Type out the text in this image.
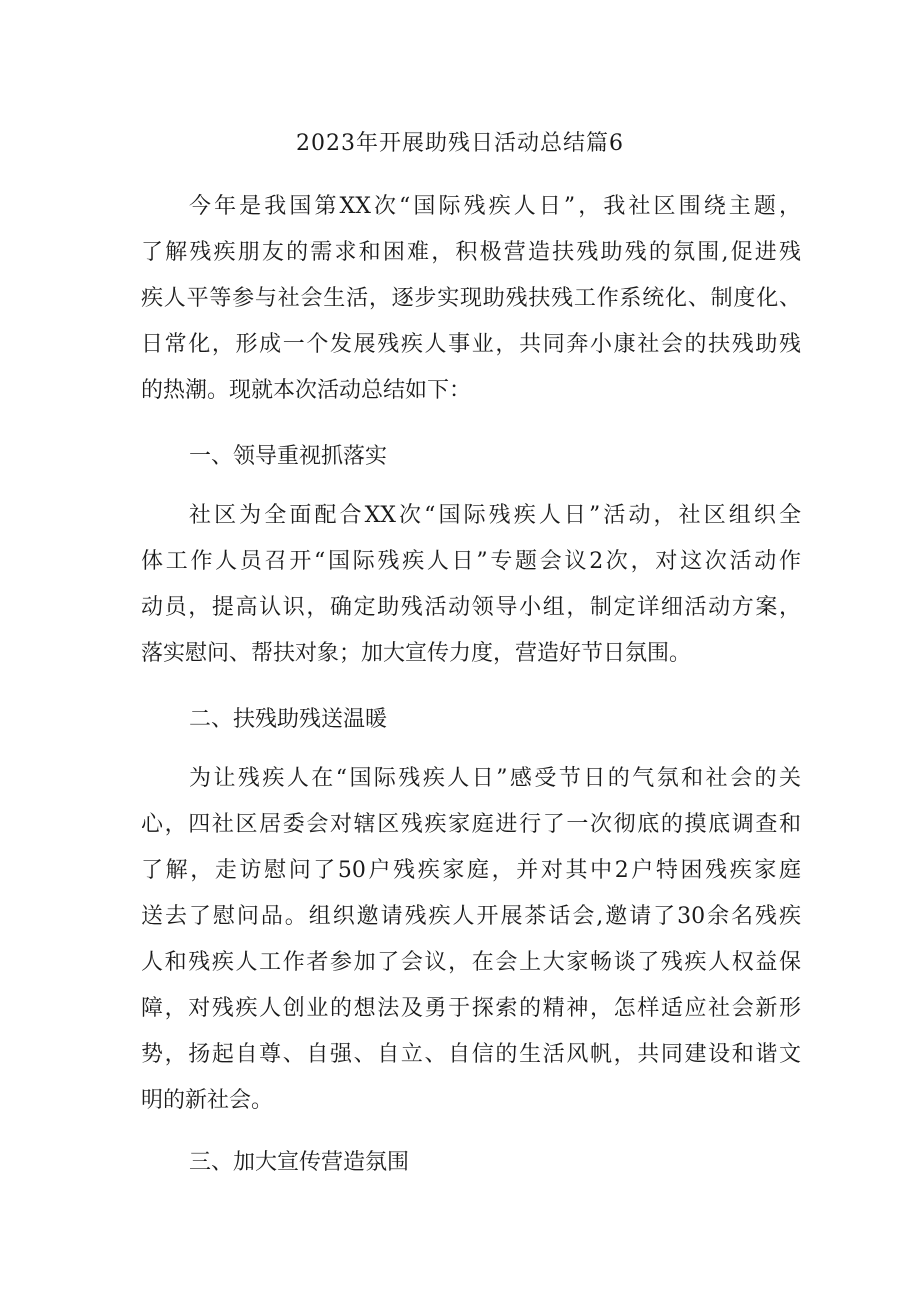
2023年开展助残日活动总结篇6
今年是我国第XX次“国际残疾人日”，我社区围绕主题，
了解残疾朋友的需求和困难，积极营造扶残助残的氛围,促进残
疾人平等参与社会生活，逐步实现助残扶残工作系统化、制度化、
日常化，形成一个发展残疾人事业，共同奔小康社会的扶残助残
的热潮。现就本次活动总结如下：
一、领导重视抓落实
社区为全面配合XX次“国际残疾人日”活动，社区组织全
体工作人员召开“国际残疾人日”专题会议2次，对这次活动作
动员，提高认识，确定助残活动领导小组，制定详细活动方案，
落实慰问、帮扶对象；加大宣传力度，营造好节日氛围。
二、扶残助残送温暖
为让残疾人在“国际残疾人日”感受节日的气氛和社会的关
心，四社区居委会对辖区残疾家庭进行了一次彻底的摸底调查和
了解，走访慰问了50户残疾家庭，并对其中2户特困残疾家庭
送去了慰问品。组织邀请残疾人开展茶话会,邀请了30余名残疾
人和残疾人工作者参加了会议，在会上大家畅谈了残疾人权益保
障，对残疾人创业的想法及勇于探索的精神，怎样适应社会新形
势，扬起自尊、自强、自立、自信的生活风帆，共同建设和谐文
明的新社会。
三、加大宣传营造氛围
